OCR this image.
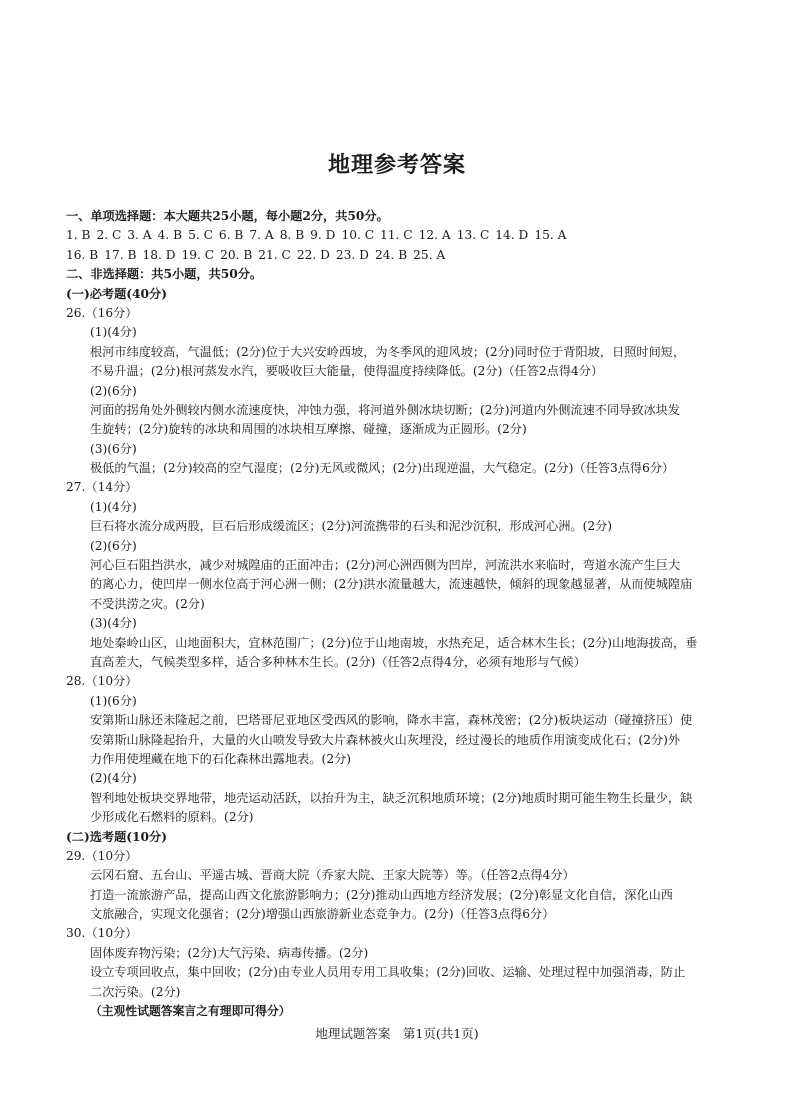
地理参考答案
一、单项选择题：本大题共25小题，每小题2分，共50分。
1. B 2. C 3. A 4. B 5. C 6. B 7. A 8. B 9. D 10. C 11. C 12. A 13. C 14. D 15. A
16. B 17. B 18. D 19. C 20. B 21. C 22. D 23. D 24. B 25. A
二、非选择题：共5小题，共50分。
(一)必考题(40分)
26.（16分）
(1)(4分)
根河市纬度较高，气温低；(2分)位于大兴安岭西坡，为冬季风的迎风坡；(2分)同时位于背阳坡，日照时间短，
不易升温；(2分)根河蒸发水汽，要吸收巨大能量，使得温度持续降低。(2分)（任答2点得4分）
(2)(6分)
河面的拐角处外侧较内侧水流速度快，冲蚀力强，将河道外侧冰块切断；(2分)河道内外侧流速不同导致冰块发
生旋转；(2分)旋转的冰块和周围的冰块相互摩擦、碰撞，逐渐成为正圆形。(2分)
(3)(6分)
极低的气温；(2分)较高的空气湿度；(2分)无风或微风；(2分)出现逆温，大气稳定。(2分)（任答3点得6分）
27.（14分）
(1)(4分)
巨石将水流分成两股，巨石后形成缓流区；(2分)河流携带的石头和泥沙沉积，形成河心洲。(2分)
(2)(6分)
河心巨石阻挡洪水，减少对城隍庙的正面冲击；(2分)河心洲西侧为凹岸，河流洪水来临时，弯道水流产生巨大
的离心力，使凹岸一侧水位高于河心洲一侧；(2分)洪水流量越大，流速越快，倾斜的现象越显著，从而使城隍庙
不受洪涝之灾。(2分)
(3)(4分)
地处秦岭山区，山地面积大，宜林范围广；(2分)位于山地南坡，水热充足，适合林木生长；(2分)山地海拔高，垂
直高差大，气候类型多样，适合多种林木生长。(2分)（任答2点得4分，必须有地形与气候）
28.（10分）
(1)(6分)
安第斯山脉还未隆起之前，巴塔哥尼亚地区受西风的影响，降水丰富，森林茂密；(2分)板块运动（碰撞挤压）使
安第斯山脉隆起抬升，大量的火山喷发导致大片森林被火山灰埋没，经过漫长的地质作用演变成化石；(2分)外
力作用使埋藏在地下的石化森林出露地表。(2分)
(2)(4分)
智利地处板块交界地带，地壳运动活跃，以抬升为主，缺乏沉积地质环境；(2分)地质时期可能生物生长量少，缺
少形成化石燃料的原料。(2分)
(二)选考题(10分)
29.（10分）
云冈石窟、五台山、平遥古城、晋商大院（乔家大院、王家大院等）等。（任答2点得4分）
打造一流旅游产品，提高山西文化旅游影响力；(2分)推动山西地方经济发展；(2分)彰显文化自信，深化山西
文旅融合，实现文化强省；(2分)增强山西旅游新业态竞争力。(2分)（任答3点得6分）
30.（10分）
固体废弃物污染；(2分)大气污染、病毒传播。(2分)
设立专项回收点，集中回收；(2分)由专业人员用专用工具收集；(2分)回收、运输、处理过程中加强消毒，防止
二次污染。(2分)
（主观性试题答案言之有理即可得分）
地理试题答案　第1页(共1页)
